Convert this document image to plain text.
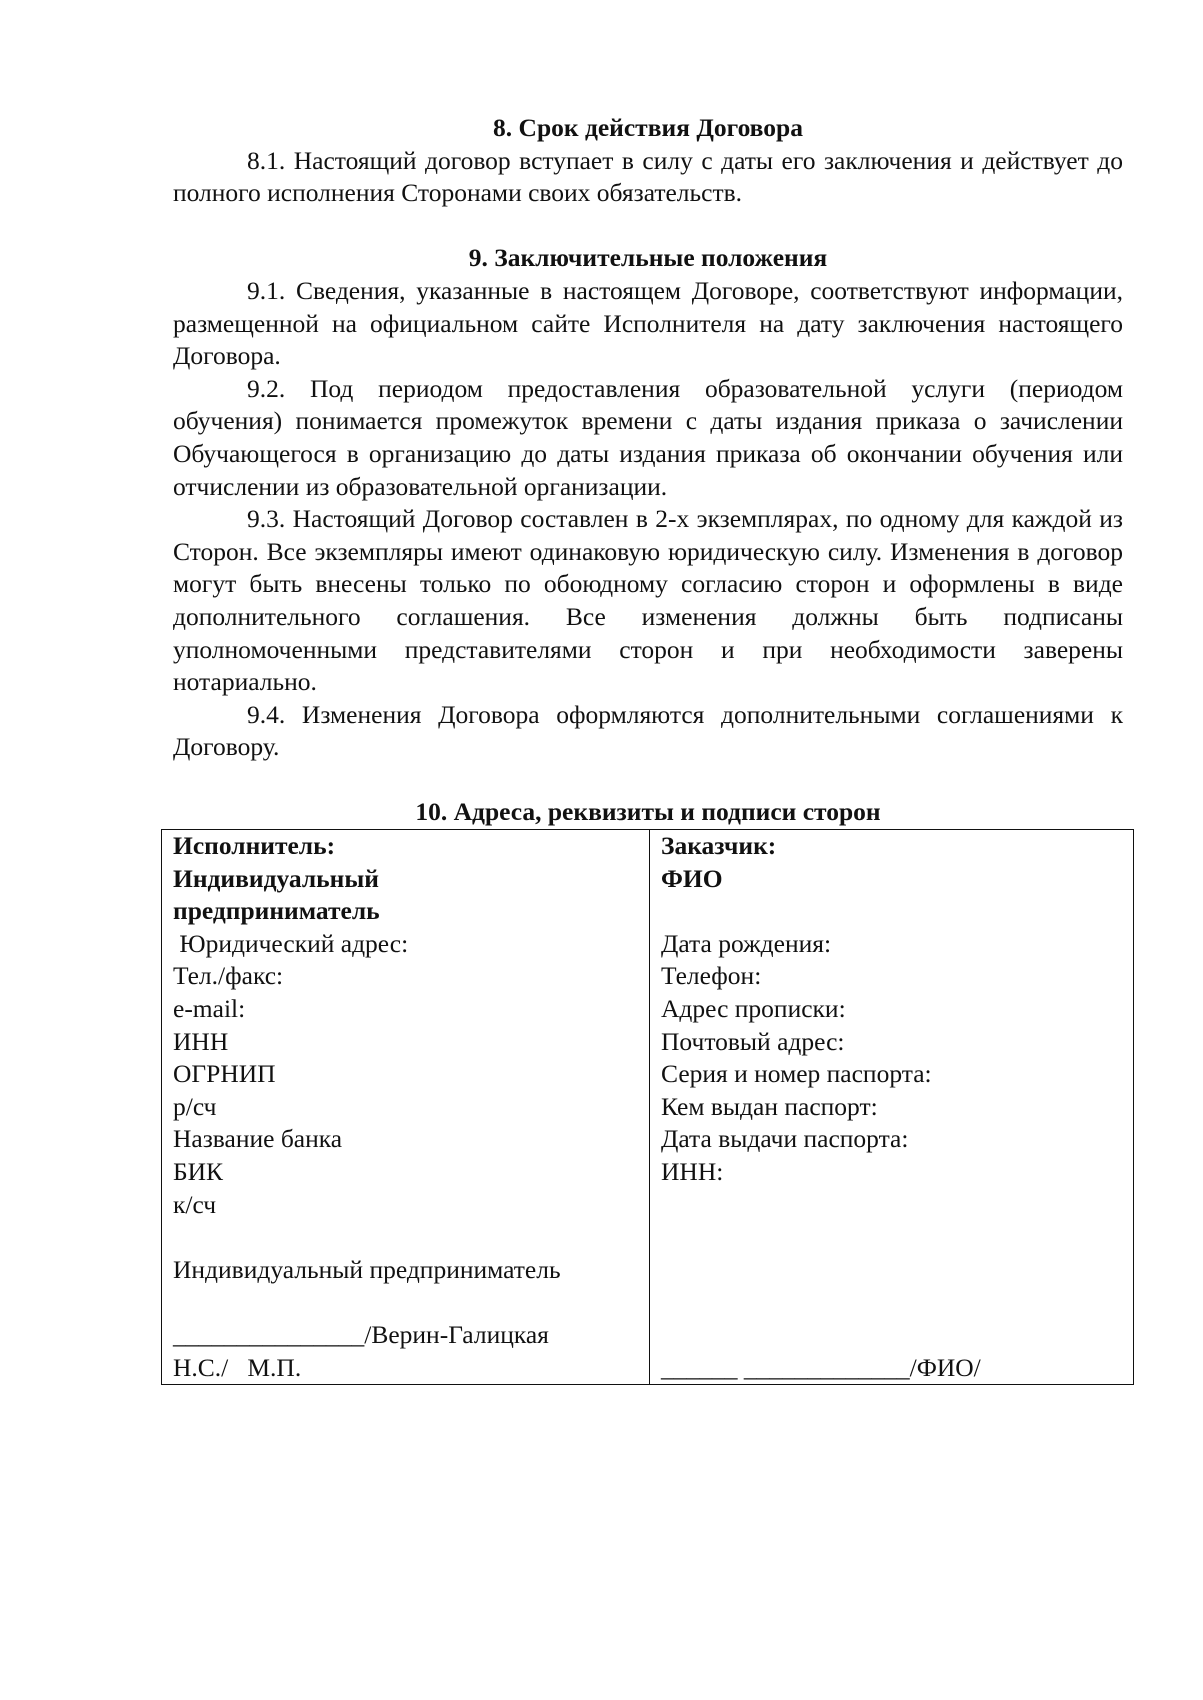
8. Срок действия Договора

8.1. Настоящий договор вступает в силу с даты его заключения и действует до полного исполнения Сторонами своих обязательств.

9. Заключительные положения

9.1. Сведения, указанные в настоящем Договоре, соответствуют информации, размещенной на официальном сайте Исполнителя на дату заключения настоящего Договора.

9.2. Под периодом предоставления образовательной услуги (периодом обучения) понимается промежуток времени с даты издания приказа о зачислении Обучающегося в организацию до даты издания приказа об окончании обучения или отчислении из образовательной организации.

9.3. Настоящий Договор составлен в 2-х экземплярах, по одному для каждой из Сторон. Все экземпляры имеют одинаковую юридическую силу. Изменения в договор могут быть внесены только по обоюдному согласию сторон и оформлены в виде дополнительного соглашения. Все изменения должны быть подписаны уполномоченными представителями сторон и при необходимости заверены нотариально.

9.4. Изменения Договора оформляются дополнительными соглашениями к Договору.

10. Адреса, реквизиты и подписи сторон

Исполнитель:
Индивидуальный
предприниматель
Юридический адрес:
Тел./факс:
e-mail:
ИНН
ОГРНИП
р/сч
Название банка
БИК
к/сч
Индивидуальный предприниматель
_______________/Верин-Галицкая
Н.С./   М.П.

Заказчик:
ФИО
Дата рождения:
Телефон:
Адрес прописки:
Почтовый адрес:
Серия и номер паспорта:
Кем выдан паспорт:
Дата выдачи паспорта:
ИНН:
______ _____________/ФИО/
